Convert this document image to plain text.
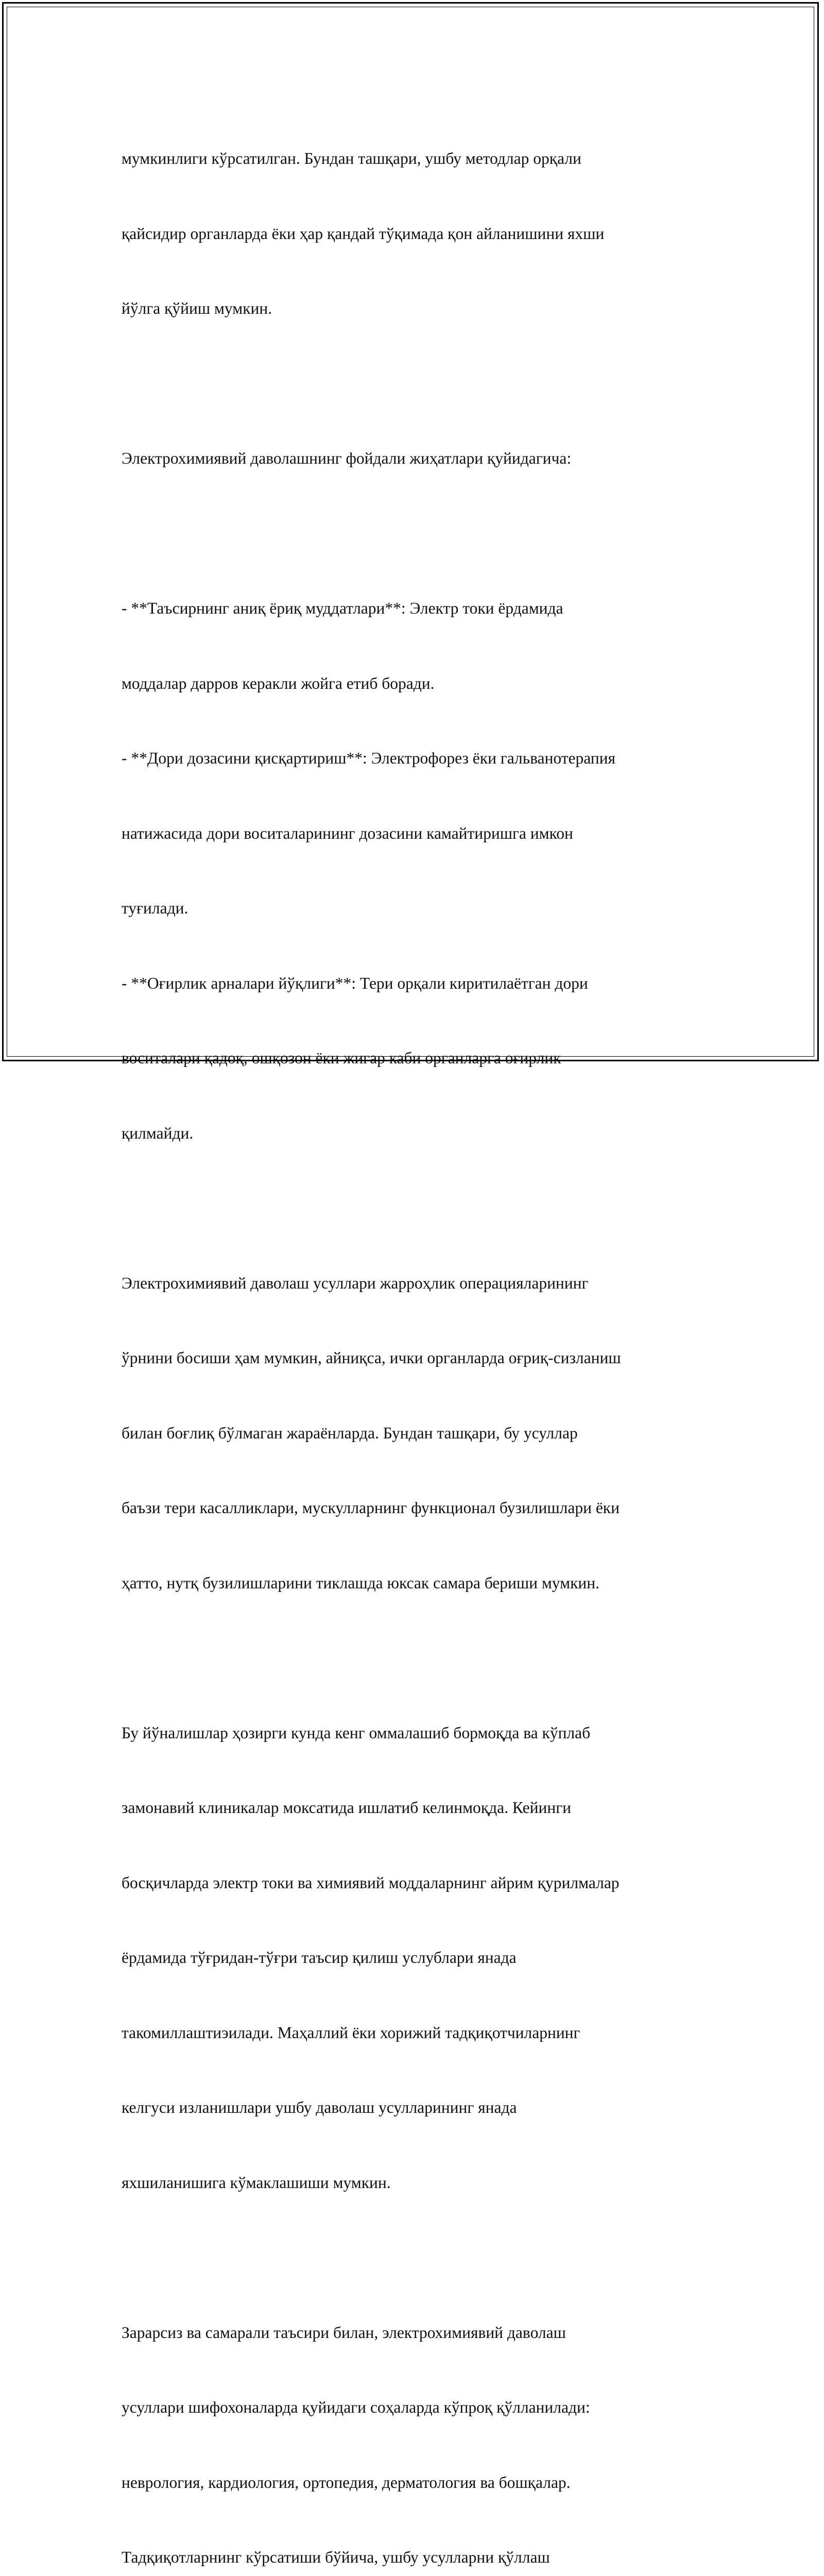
мумкинлиги кўрсатилган. Бундан ташқари, ушбу методлар орқали

қайсидир органларда ёки ҳар қандай тўқимада қон айланишини яхши

йўлга қўйиш мумкин.

Электрохимиявий даволашнинг фойдали жиҳатлари қуйидагича:

- **Таъсирнинг аниқ ёриқ муддатлари**: Электр токи ёрдамида

моддалар дарров керакли жойга етиб боради.

- **Дори дозасини қисқартириш**: Электрофорез ёки гальванотерапия

натижасида дори воситаларининг дозасини камайтиришга имкон

туғилади.

- **Оғирлик арналари йўқлиги**: Тери орқали киритилаётган дори

воситалари қадоқ, ошқозон ёки жигар каби органларга оғирлик

қилмайди.

Электрохимиявий даволаш усуллари жарроҳлик операцияларининг

ўрнини босиши ҳам мумкин, айниқса, ички органларда оғриқ-сизланиш

билан боғлиқ бўлмаган жараёнларда. Бундан ташқари, бу усуллар

баъзи тери касалликлари, мускулларнинг функционал бузилишлари ёки

ҳатто, нутқ бузилишларини тиклашда юксак самара бериши мумкин.

Бу йўналишлар ҳозирги кунда кенг оммалашиб бормоқда ва кўплаб

замонавий клиникалар моксатида ишлатиб келинмоқда. Кейинги

босқичларда электр токи ва химиявий моддаларнинг айрим қурилмалар

ёрдамида тўғридан-тўғри таъсир қилиш услублари янада

такомиллаштиэилади. Маҳаллий ёки хорижий тадқиқотчиларнинг

келгуси изланишлари ушбу даволаш усулларининг янада

яхшиланишига кўмаклашиши мумкин.

Зарарсиз ва самарали таъсири билан, электрохимиявий даволаш

усуллари шифохоналарда қуйидаги соҳаларда кўпроқ қўлланилади:

неврология, кардиология, ортопедия, дерматология ва бошқалар.

Тадқиқотларнинг кўрсатиши бўйича, ушбу усулларни қўллаш
